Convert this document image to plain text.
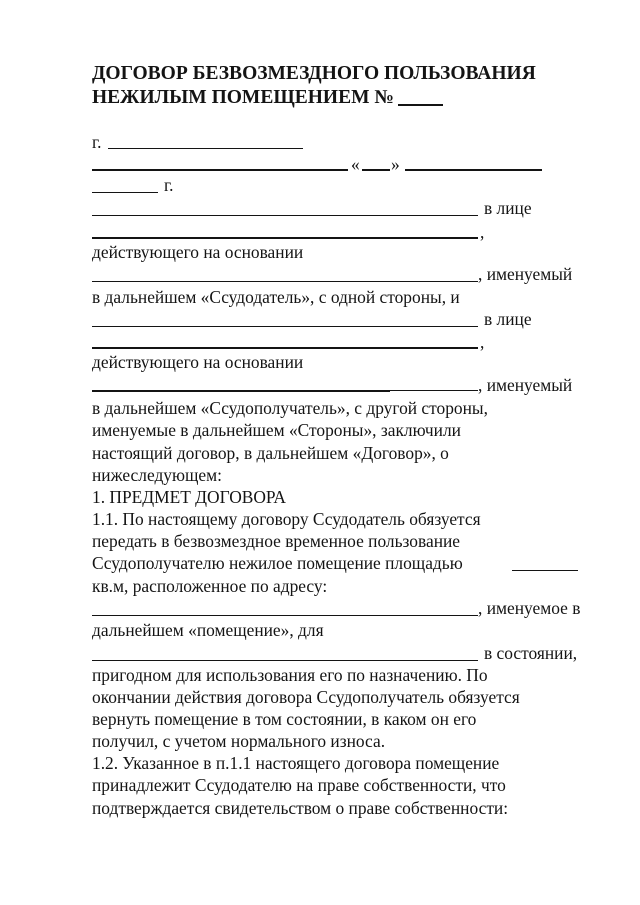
ДОГОВОР БЕЗВОЗМЕЗДНОГО ПОЛЬЗОВАНИЯ
НЕЖИЛЫМ ПОМЕЩЕНИЕМ №
г.
« »
г.
в лице
,
действующего на основании
, именуемый
в дальнейшем «Ссудодатель», с одной стороны, и
в лице
,
действующего на основании
, именуемый
в дальнейшем «Ссудополучатель», с другой стороны,
именуемые в дальнейшем «Стороны», заключили
настоящий договор, в дальнейшем «Договор», о
нижеследующем:
1. ПРЕДМЕТ ДОГОВОРА
1.1. По настоящему договору Ссудодатель обязуется
передать в безвозмездное временное пользование
Ссудополучателю нежилое помещение площадью
кв.м, расположенное по адресу:
, именуемое в
дальнейшем «помещение», для
в состоянии,
пригодном для использования его по назначению. По
окончании действия договора Ссудополучатель обязуется
вернуть помещение в том состоянии, в каком он его
получил, с учетом нормального износа.
1.2. Указанное в п.1.1 настоящего договора помещение
принадлежит Ссудодателю на праве собственности, что
подтверждается свидетельством о праве собственности:
